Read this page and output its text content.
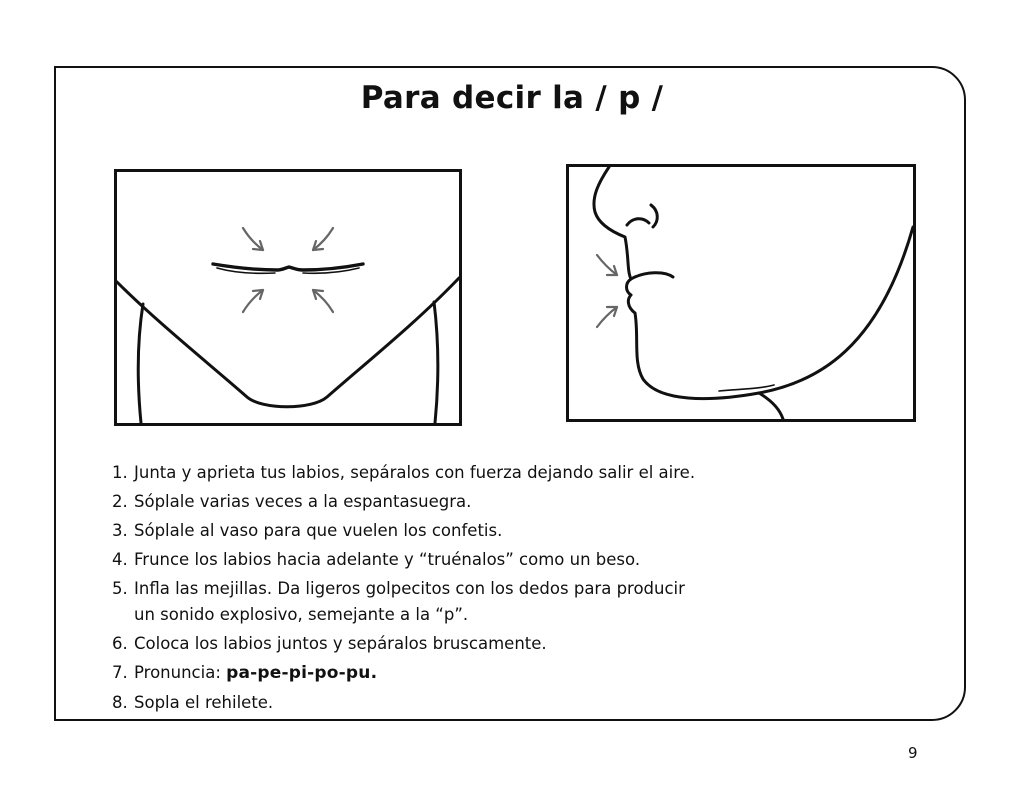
Para decir la / p /
1. Junta y aprieta tus labios, sepáralos con fuerza dejando salir el aire.
2. Sóplale varias veces a la espantasuegra.
3. Sóplale al vaso para que vuelen los confetis.
4. Frunce los labios hacia adelante y “truénalos” como un beso.
5. Infla las mejillas. Da ligeros golpecitos con los dedos para producir
un sonido explosivo, semejante a la “p”.
6. Coloca los labios juntos y sepáralos bruscamente.
7. Pronuncia: pa-pe-pi-po-pu.
8. Sopla el rehilete.
9
